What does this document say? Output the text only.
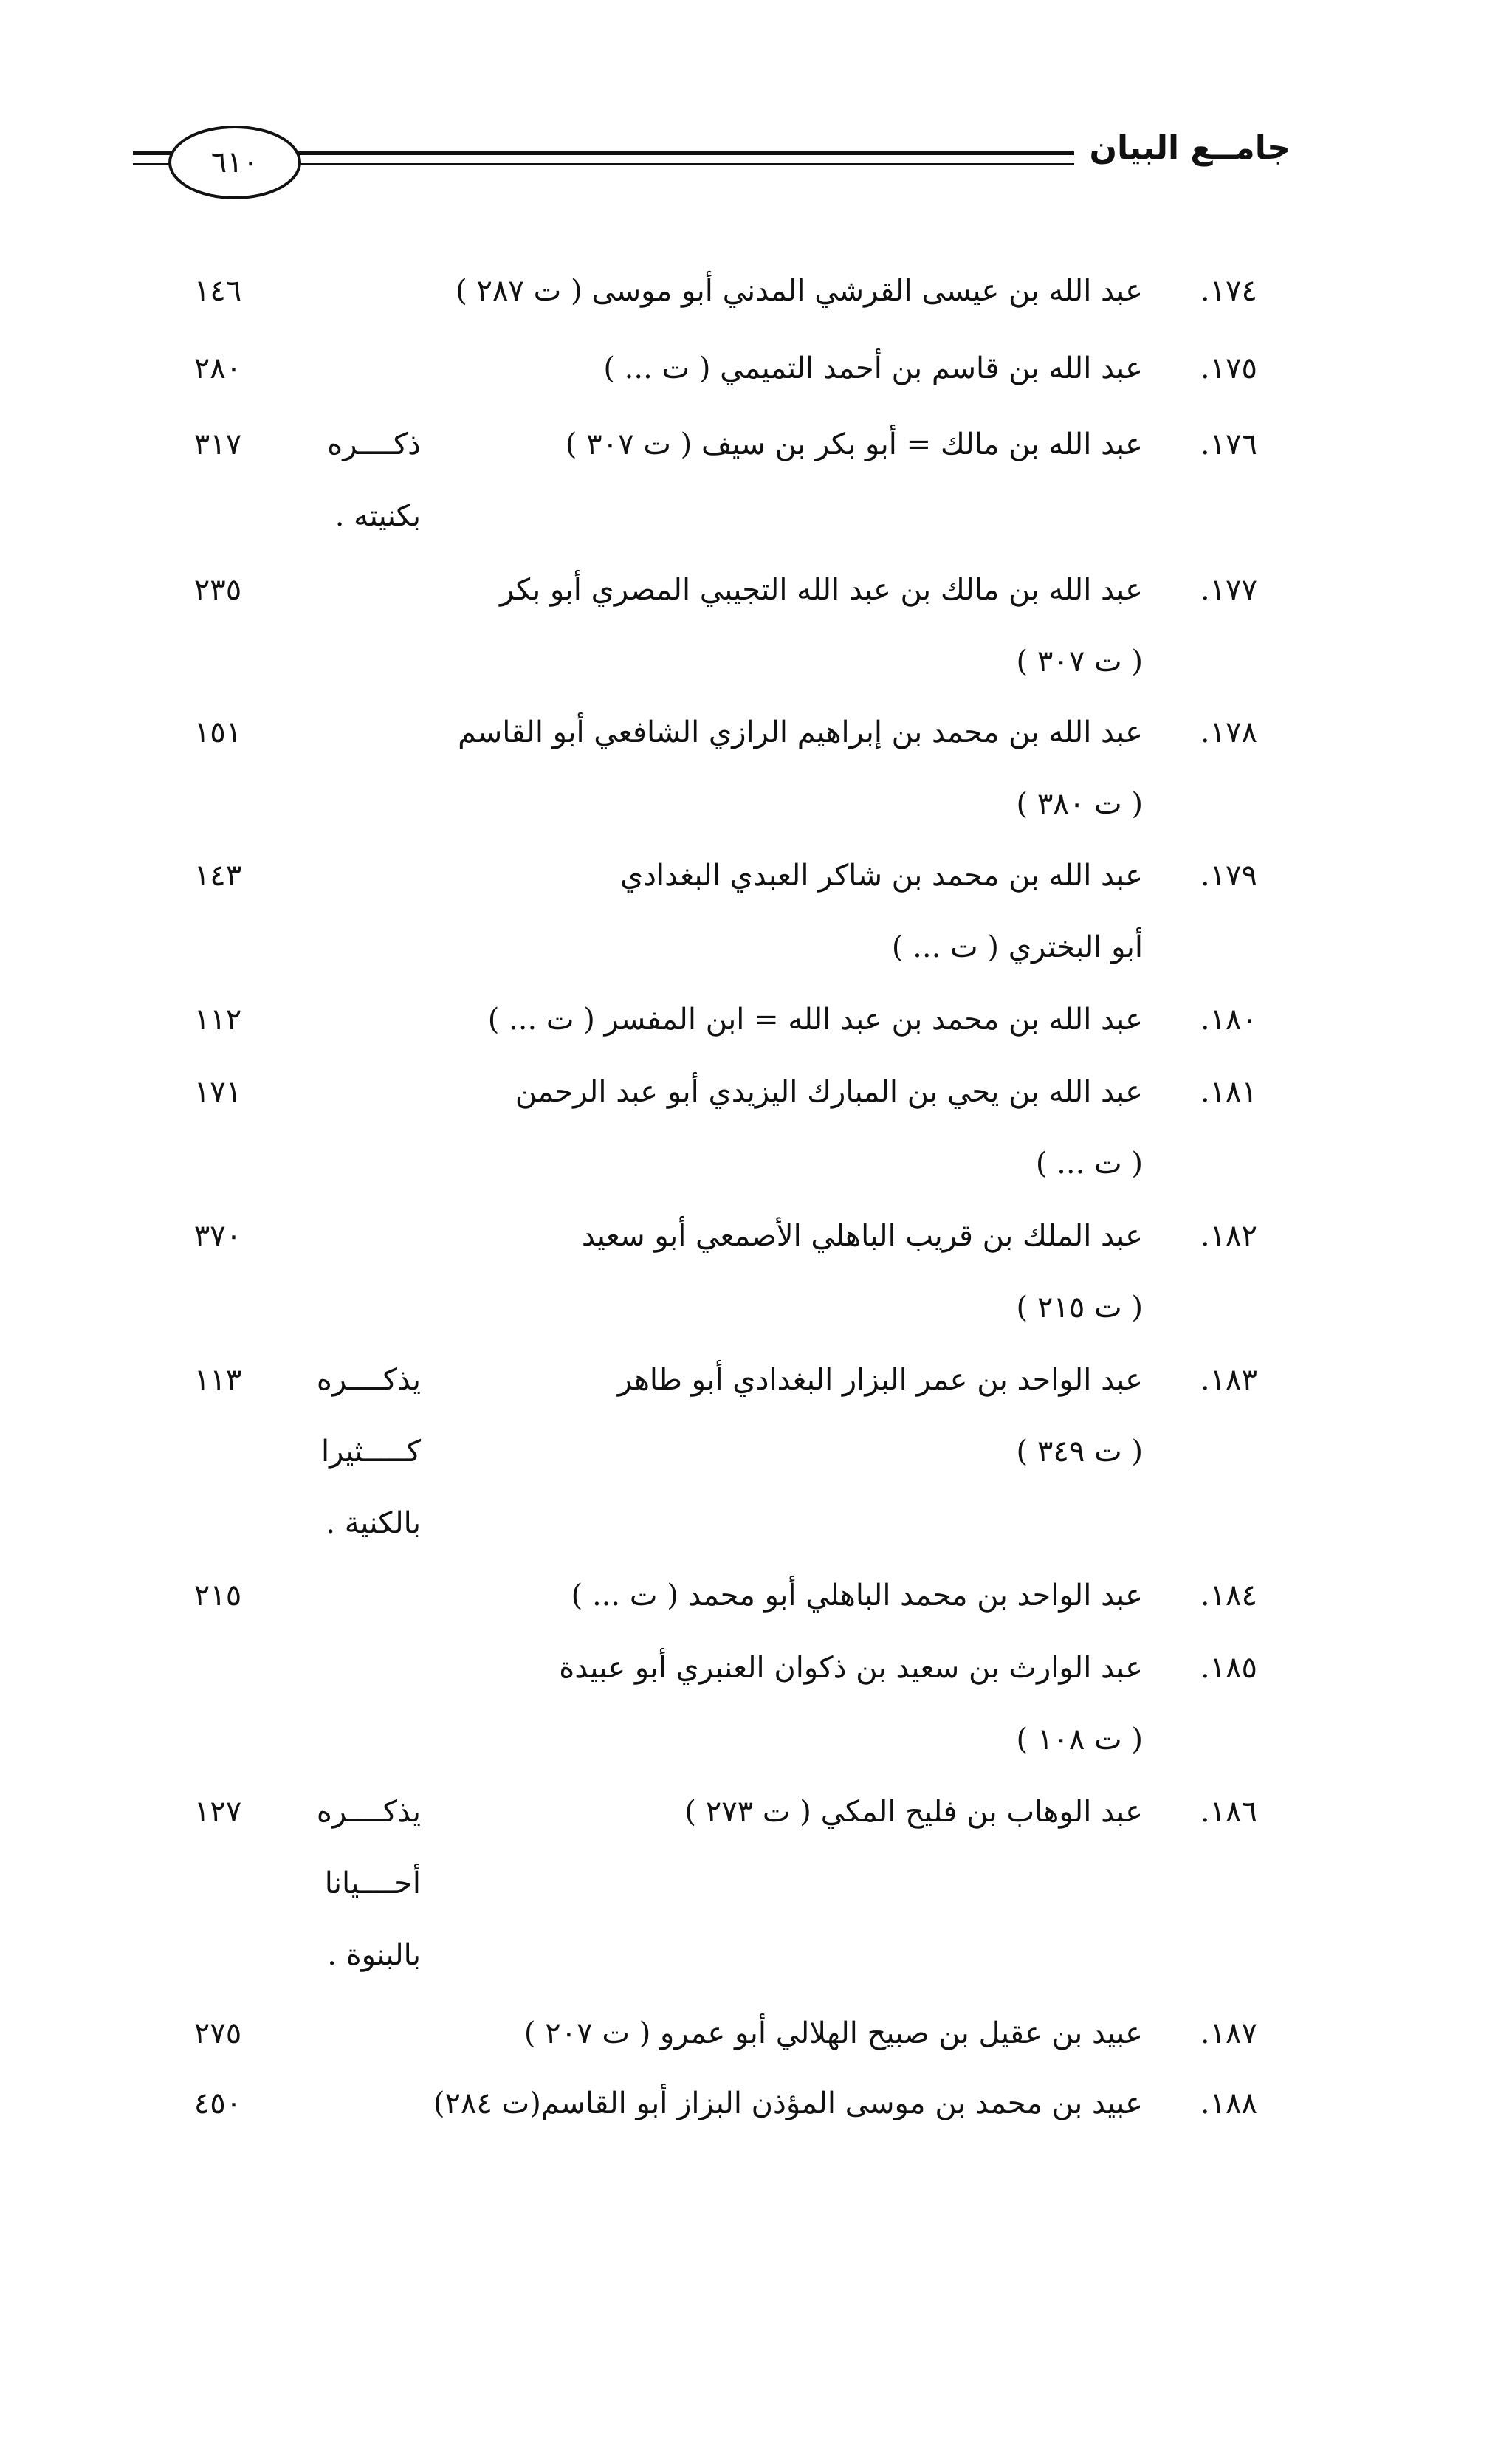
جامــع البيان
٦١٠
١٧٤.
عبد الله بن عيسى القرشي المدني أبو موسى ( ت ٢٨٧ )
١٤٦
١٧٥.
عبد الله بن قاسم بن أحمد التميمي ( ت ... )
٢٨٠
١٧٦.
عبد الله بن مالك = أبو بكر بن سيف ( ت ٣٠٧ )
ذكــــره
بكنيته .
٣١٧
١٧٧.
عبد الله بن مالك بن عبد الله التجيبي المصري أبو بكر
( ت ٣٠٧ )
٢٣٥
١٧٨.
عبد الله بن محمد بن إبراهيم الرازي الشافعي أبو القاسم
( ت ٣٨٠ )
١٥١
١٧٩.
عبد الله بن محمد بن شاكر العبدي البغدادي
أبو البختري ( ت ... )
١٤٣
١٨٠.
عبد الله بن محمد بن عبد الله = ابن المفسر ( ت ... )
١١٢
١٨١.
عبد الله بن يحي بن المبارك اليزيدي أبو عبد الرحمن
( ت ... )
١٧١
١٨٢.
عبد الملك بن قريب الباهلي الأصمعي أبو سعيد
( ت ٢١٥ )
٣٧٠
١٨٣.
عبد الواحد بن عمر البزار البغدادي أبو طاهر
( ت ٣٤٩ )
يذكــــره
كـــــثيرا
بالكنية .
١١٣
١٨٤.
عبد الواحد بن محمد الباهلي أبو محمد ( ت ... )
٢١٥
١٨٥.
عبد الوارث بن سعيد بن ذكوان العنبري أبو عبيدة
( ت ١٠٨ )
١٨٦.
عبد الوهاب بن فليح المكي ( ت ٢٧٣ )
يذكــــره
أحــــيانا
بالبنوة .
١٢٧
١٨٧.
عبيد بن عقيل بن صبيح الهلالي أبو عمرو ( ت ٢٠٧ )
٢٧٥
١٨٨.
عبيد بن محمد بن موسى المؤذن البزاز أبو القاسم(ت ٢٨٤)
٤٥٠
